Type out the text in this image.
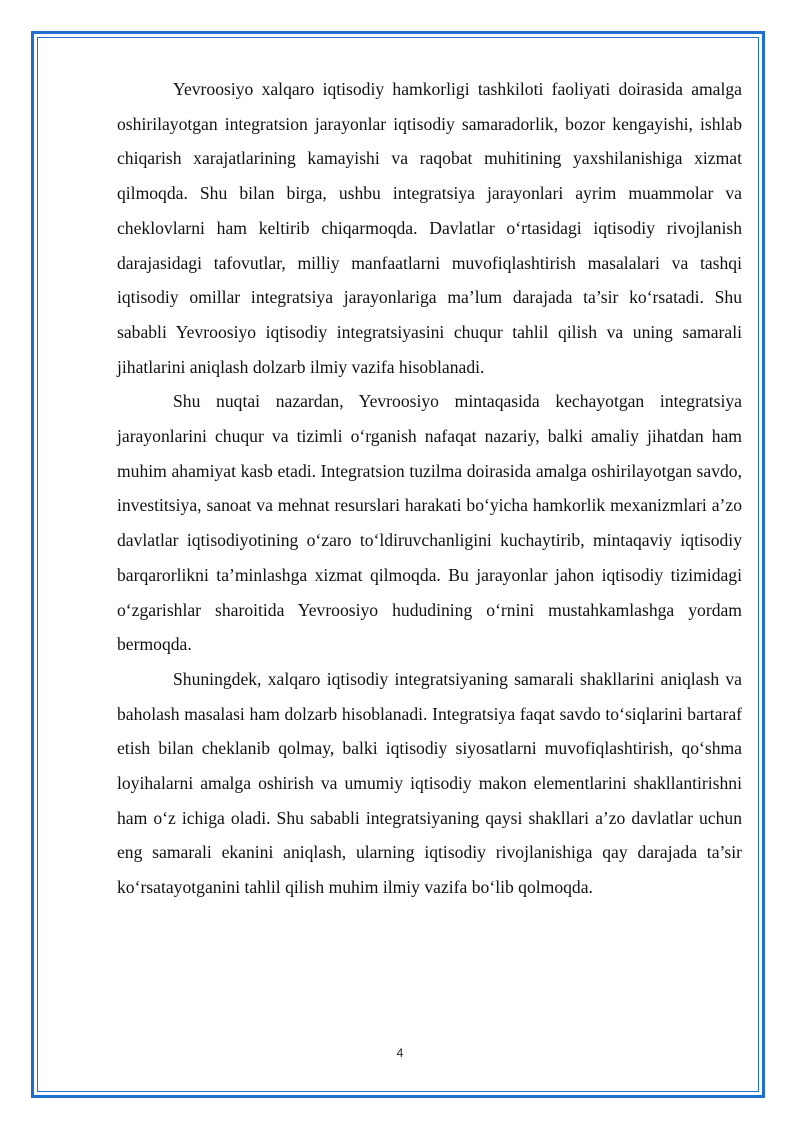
Yevroosiyo xalqaro iqtisodiy hamkorligi tashkiloti faoliyati doirasida amalga oshirilayotgan integratsion jarayonlar iqtisodiy samaradorlik, bozor kengayishi, ishlab chiqarish xarajatlarining kamayishi va raqobat muhitining yaxshilanishiga xizmat qilmoqda. Shu bilan birga, ushbu integratsiya jarayonlari ayrim muammolar va cheklovlarni ham keltirib chiqarmoqda. Davlatlar o‘rtasidagi iqtisodiy rivojlanish darajasidagi tafovutlar, milliy manfaatlarni muvofiqlashtirish masalalari va tashqi iqtisodiy omillar integratsiya jarayonlariga ma’lum darajada ta’sir ko‘rsatadi. Shu sababli Yevroosiyo iqtisodiy integratsiyasini chuqur tahlil qilish va uning samarali jihatlarini aniqlash dolzarb ilmiy vazifa hisoblanadi.

Shu nuqtai nazardan, Yevroosiyo mintaqasida kechayotgan integratsiya jarayonlarini chuqur va tizimli o‘rganish nafaqat nazariy, balki amaliy jihatdan ham muhim ahamiyat kasb etadi. Integratsion tuzilma doirasida amalga oshirilayotgan savdo, investitsiya, sanoat va mehnat resurslari harakati bo‘yicha hamkorlik mexanizmlari a’zo davlatlar iqtisodiyotining o‘zaro to‘ldiruvchanligini kuchaytirib, mintaqaviy iqtisodiy barqarorlikni ta’minlashga xizmat qilmoqda. Bu jarayonlar jahon iqtisodiy tizimidagi o‘zgarishlar sharoitida Yevroosiyo hududining o‘rnini mustahkamlashga yordam bermoqda.

Shuningdek, xalqaro iqtisodiy integratsiyaning samarali shakllarini aniqlash va baholash masalasi ham dolzarb hisoblanadi. Integratsiya faqat savdo to‘siqlarini bartaraf etish bilan cheklanib qolmay, balki iqtisodiy siyosatlarni muvofiqlashtirish, qo‘shma loyihalarni amalga oshirish va umumiy iqtisodiy makon elementlarini shakllantirishni ham o‘z ichiga oladi. Shu sababli integratsiyaning qaysi shakllari a’zo davlatlar uchun eng samarali ekanini aniqlash, ularning iqtisodiy rivojlanishiga qay darajada ta’sir ko‘rsatayotganini tahlil qilish muhim ilmiy vazifa bo‘lib qolmoqda.

4
